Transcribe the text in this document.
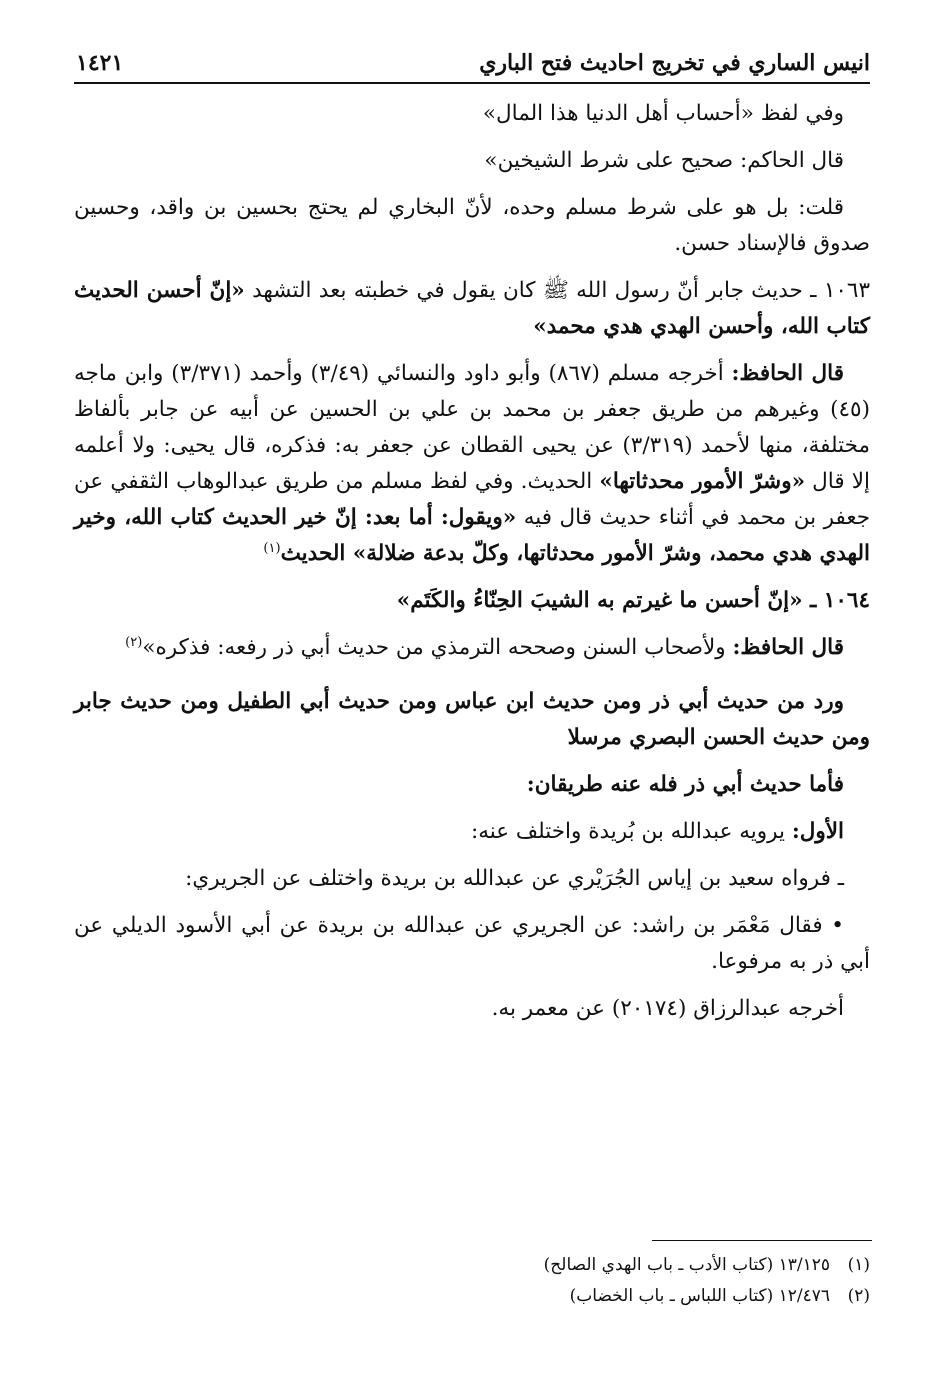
انيس الساري في تخريج احاديث فتح الباري
١٤٢١

وفي لفظ «أحساب أهل الدنيا هذا المال»

قال الحاكم: صحيح على شرط الشيخين»

قلت: بل هو على شرط مسلم وحده، لأنّ البخاري لم يحتج بحسين بن واقد، وحسين صدوق فالإسناد حسن.

١٠٦٣ ـ حديث جابر أنّ رسول الله ﷺ كان يقول في خطبته بعد التشهد «إنّ أحسن الحديث كتاب الله، وأحسن الهدي هدي محمد»

قال الحافظ: أخرجه مسلم (٨٦٧) وأبو داود والنسائي (٣/٤٩) وأحمد (٣/٣٧١) وابن ماجه (٤٥) وغيرهم من طريق جعفر بن محمد بن علي بن الحسين عن أبيه عن جابر بألفاظ مختلفة، منها لأحمد (٣/٣١٩) عن يحيى القطان عن جعفر به: فذكره، قال يحيى: ولا أعلمه إلا قال «وشرّ الأمور محدثاتها» الحديث. وفي لفظ مسلم من طريق عبدالوهاب الثقفي عن جعفر بن محمد في أثناء حديث قال فيه «ويقول: أما بعد: إنّ خير الحديث كتاب الله، وخير الهدي هدي محمد، وشرّ الأمور محدثاتها، وكلّ بدعة ضلالة» الحديث$^{(١)}$

١٠٦٤ ـ «إنّ أحسن ما غيرتم به الشيبَ الحِنّاءُ والكَتَم»

قال الحافظ: ولأصحاب السنن وصححه الترمذي من حديث أبي ذر رفعه: فذكره»$^{(٢)}$

ورد من حديث أبي ذر ومن حديث ابن عباس ومن حديث أبي الطفيل ومن حديث جابر ومن حديث الحسن البصري مرسلا

فأما حديث أبي ذر فله عنه طريقان:

الأول: يرويه عبدالله بن بُريدة واختلف عنه:

ـ فرواه سعيد بن إياس الجُرَيْري عن عبدالله بن بريدة واختلف عن الجريري:

• فقال مَعْمَر بن راشد: عن الجريري عن عبدالله بن بريدة عن أبي الأسود الديلي عن أبي ذر به مرفوعا.

أخرجه عبدالرزاق (٢٠١٧٤) عن معمر به.

(١)١٣/١٢٥ (كتاب الأدب ـ باب الهدي الصالح)
(٢)١٢/٤٧٦ (كتاب اللباس ـ باب الخضاب)
